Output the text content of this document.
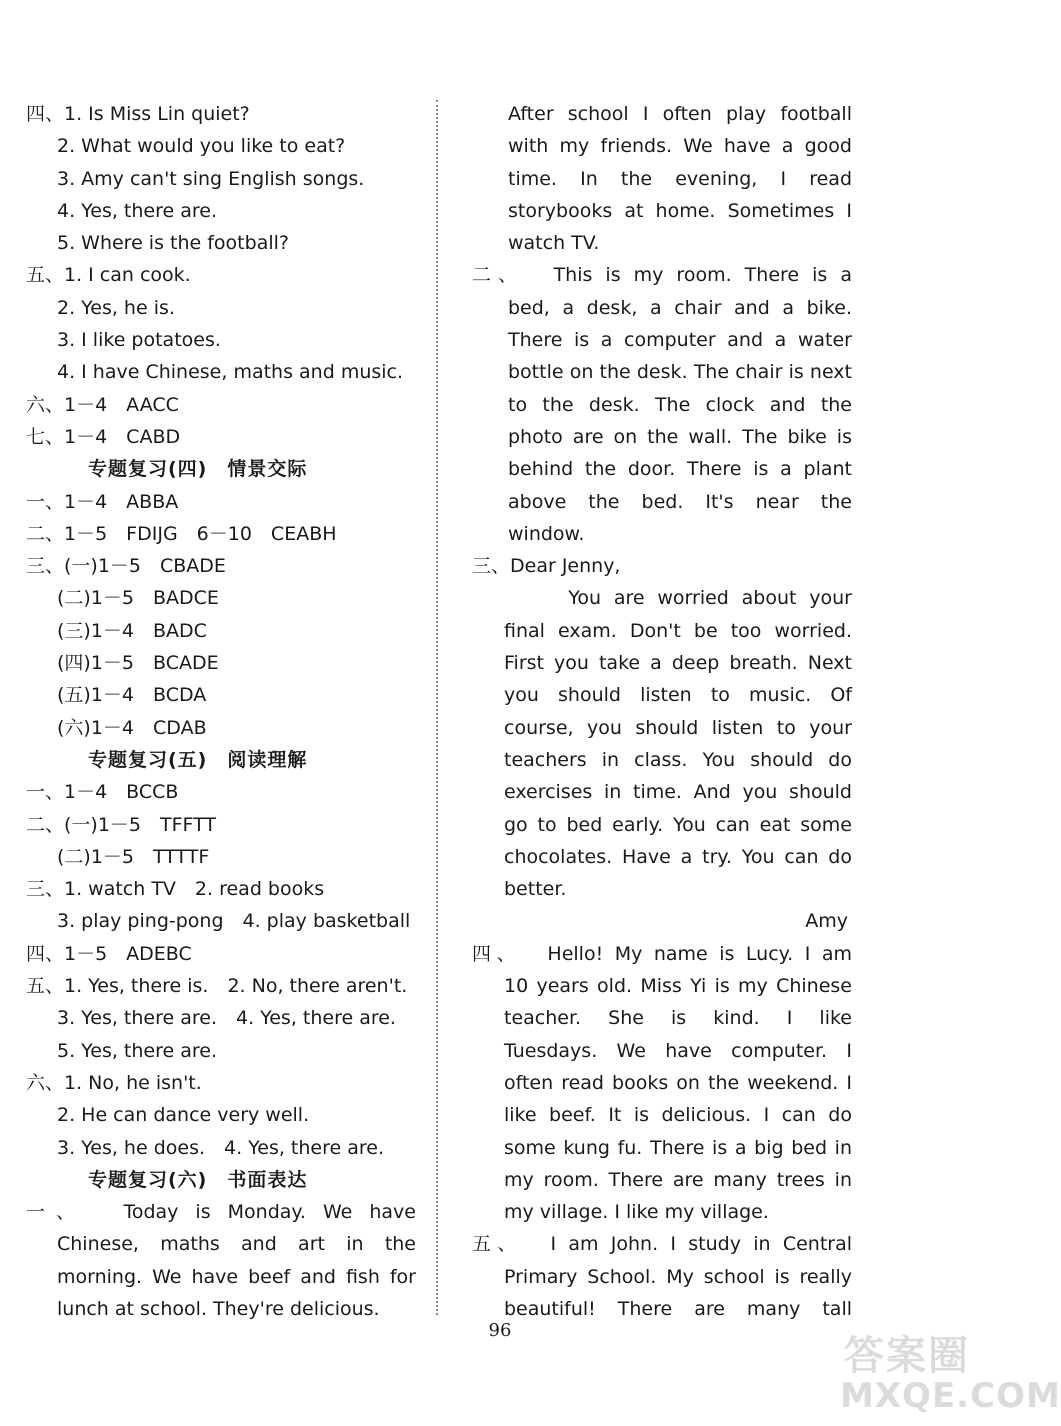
四、1. Is Miss Lin quiet?
2. What would you like to eat?
3. Amy can't sing English songs.
4. Yes, there are.
5. Where is the football?
五、1. I can cook.
2. Yes, he is.
3. I like potatoes.
4. I have Chinese, maths and music.
六、1－4　AACC
七、1－4　CABD
专题复习(四)　情景交际
一、1－4　ABBA
二、1－5　FDIJG　6－10　CEABH
三、(一)1－5　CBADE
(二)1－5　BADCE
(三)1－4　BADC
(四)1－5　BCADE
(五)1－4　BCDA
(六)1－4　CDAB
专题复习(五)　阅读理解
一、1－4　BCCB
二、(一)1－5　TFFTT
(二)1－5　TTTTF
三、1. watch TV　2. read books
3. play ping-pong　4. play basketball
四、1－5　ADEBC
五、1. Yes, there is.　2. No, there aren't.
3. Yes, there are.　4. Yes, there are.
5. Yes, there are.
六、1. No, he isn't.
2. He can dance very well.
3. Yes, he does.　4. Yes, there are.
专题复习(六)　书面表达
一、　 Today is Monday. We have
Chinese, maths and art in the
morning. We have beef and fish for
lunch at school. They're delicious.
After school I often play football
with my friends. We have a good
time. In the evening, I read
storybooks at home. Sometimes I
watch TV.
二、　 This is my room. There is a
bed, a desk, a chair and a bike.
There is a computer and a water
bottle on the desk. The chair is next
to the desk. The clock and the
photo are on the wall. The bike is
behind the door. There is a plant
above the bed. It's near the
window.
三、Dear Jenny,
　　 You are worried about your
final exam. Don't be too worried.
First you take a deep breath. Next
you should listen to music. Of
course, you should listen to your
teachers in class. You should do
exercises in time. And you should
go to bed early. You can eat some
chocolates. Have a try. You can do
better.
Amy
四、　 Hello! My name is Lucy. I am
10 years old. Miss Yi is my Chinese
teacher. She is kind. I like
Tuesdays. We have computer. I
often read books on the weekend. I
like beef. It is delicious. I can do
some kung fu. There is a big bed in
my room. There are many trees in
my village. I like my village.
五、　 I am John. I study in Central
Primary School. My school is really
beautiful! There are many tall
96
答案圈
MXQE.COM
